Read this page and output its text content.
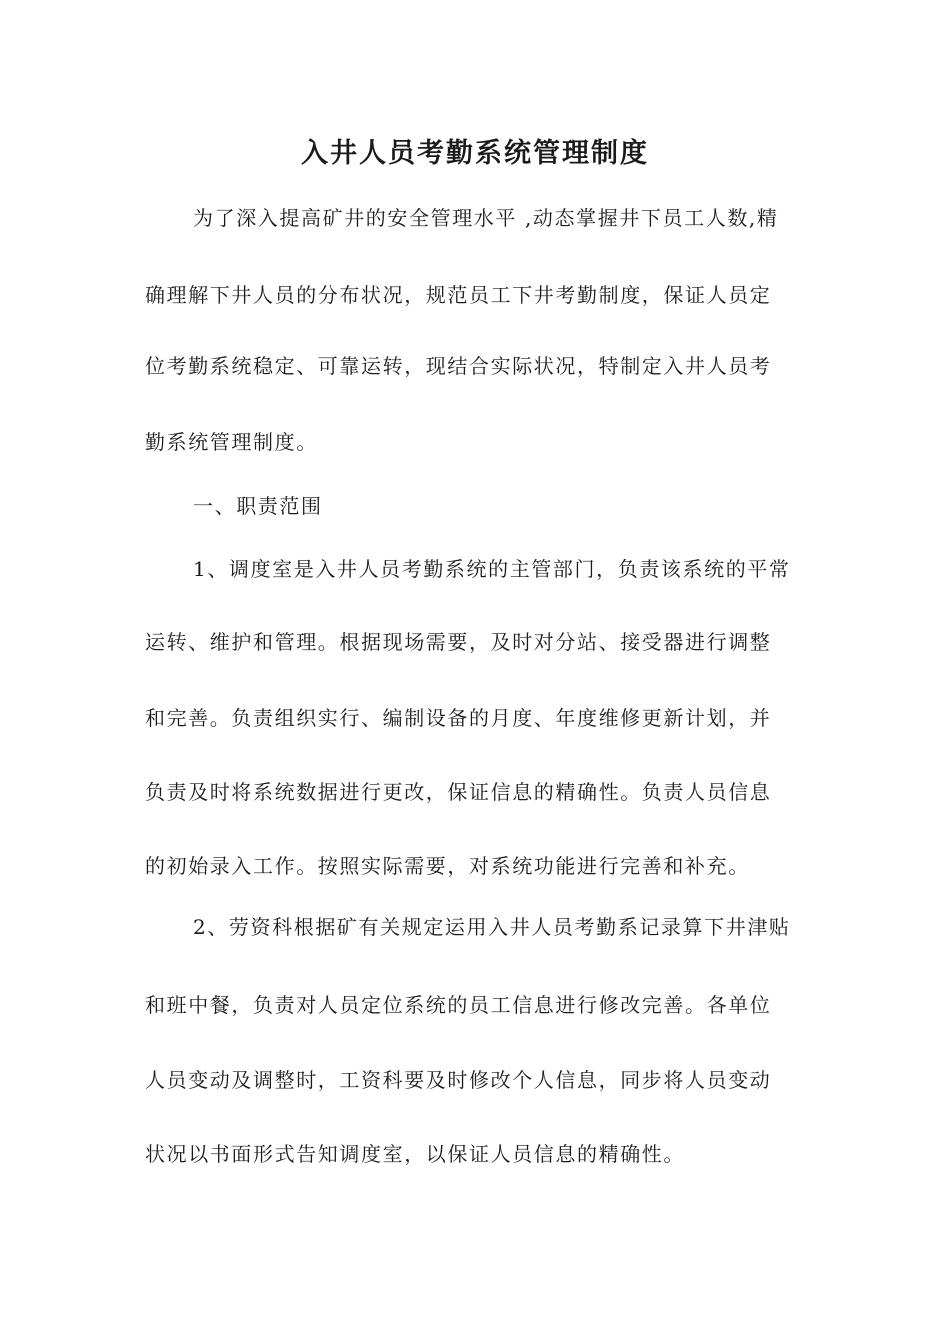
入井人员考勤系统管理制度

为了深入提高矿井的安全管理水平 ,动态掌握井下员工人数,精

确理解下井人员的分布状况，规范员工下井考勤制度，保证人员定

位考勤系统稳定、可靠运转，现结合实际状况，特制定入井人员考

勤系统管理制度。

一、职责范围

1、调度室是入井人员考勤系统的主管部门，负责该系统的平常

运转、维护和管理。根据现场需要，及时对分站、接受器进行调整

和完善。负责组织实行、编制设备的月度、年度维修更新计划，并

负责及时将系统数据进行更改，保证信息的精确性。负责人员信息

的初始录入工作。按照实际需要，对系统功能进行完善和补充。

2、劳资科根据矿有关规定运用入井人员考勤系记录算下井津贴

和班中餐，负责对人员定位系统的员工信息进行修改完善。各单位

人员变动及调整时，工资科要及时修改个人信息，同步将人员变动

状况以书面形式告知调度室，以保证人员信息的精确性。
